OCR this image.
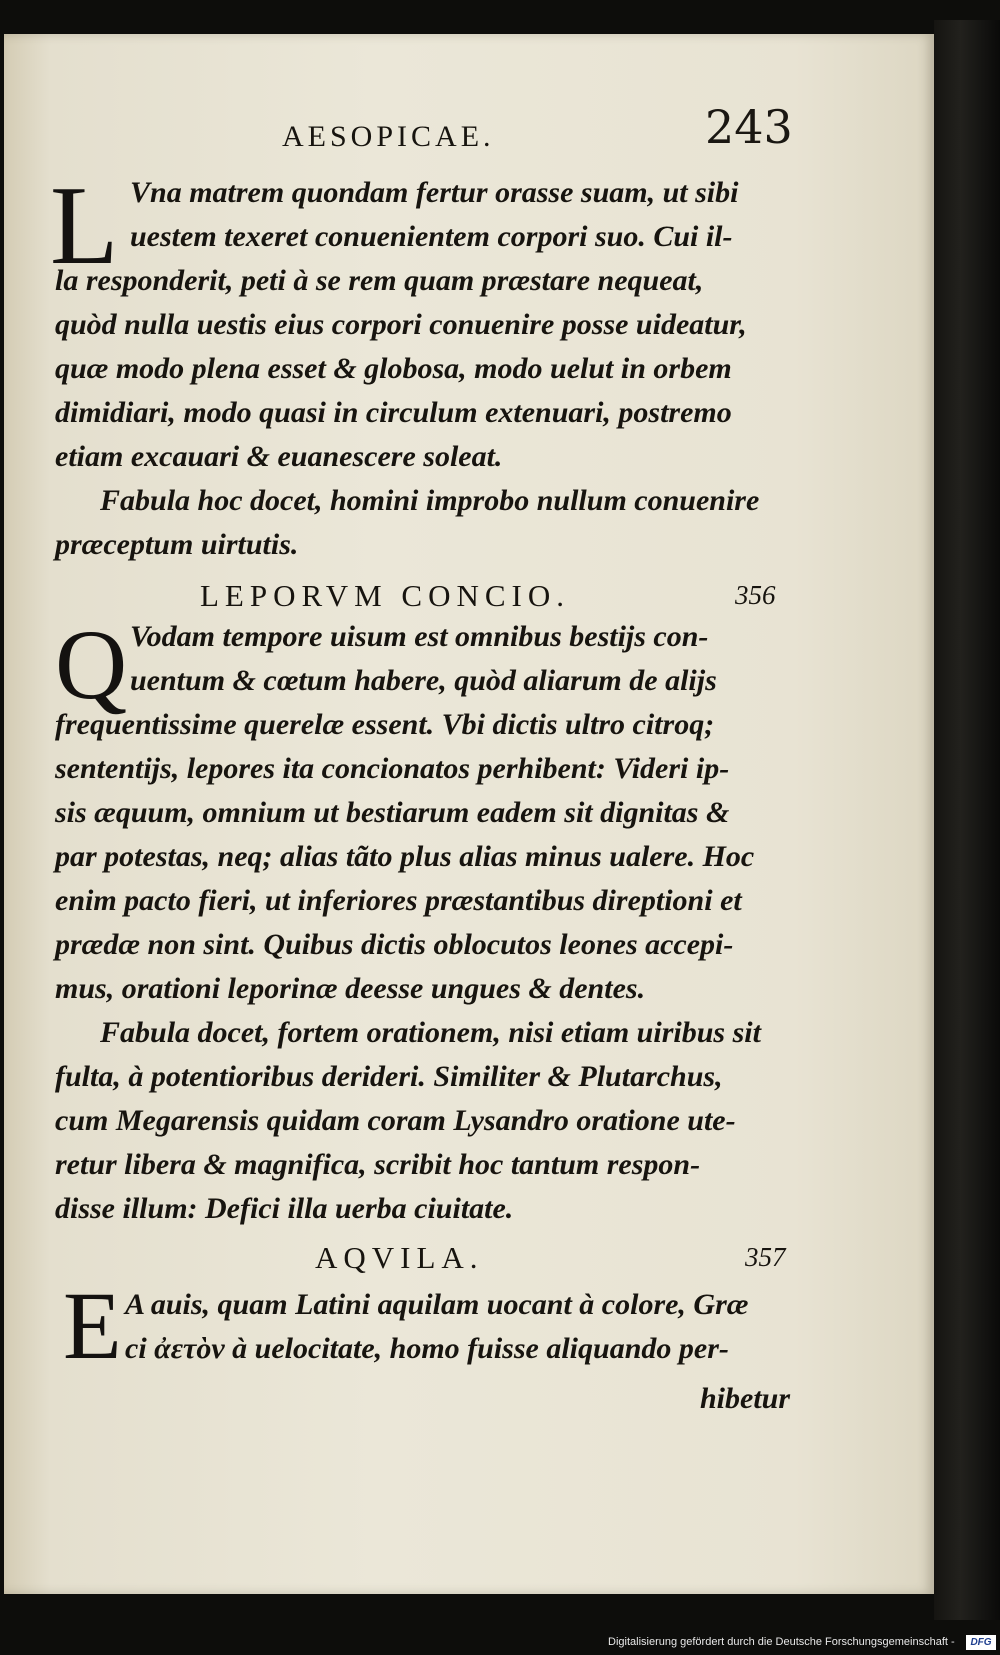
AESOPICAE.	243
L Vna matrem quondam fertur orasse suam, ut sibi
uestem texeret conuenientem corpori suo. Cui il-
la responderit, peti à se rem quam præstare nequeat,
quòd nulla uestis eius corpori conuenire posse uideatur,
quæ modo plena esset & globosa, modo uelut in orbem
dimidiari, modo quasi in circulum extenuari, postremo
etiam excauari & euanescere soleat.
Fabula hoc docet, homini improbo nullum conuenire
præceptum uirtutis.
LEPORVM CONCIO.	356
Q Vodam tempore uisum est omnibus bestijs con-
uentum & cœtum habere, quòd aliarum de alijs
frequentissime querelæ essent. Vbi dictis ultro citroq;
sententijs, lepores ita concionatos perhibent: Videri ip-
sis æquum, omnium ut bestiarum eadem sit dignitas &
par potestas, neq; alias tãto plus alias minus ualere. Hoc
enim pacto fieri, ut inferiores præstantibus direptioni et
prædæ non sint. Quibus dictis oblocutos leones accepi-
mus, orationi leporinæ deesse ungues & dentes.
Fabula docet, fortem orationem, nisi etiam uiribus sit
fulta, à potentioribus derideri. Similiter & Plutarchus,
cum Megarensis quidam coram Lysandro oratione ute-
retur libera & magnifica, scribit hoc tantum respon-
disse illum: Defici illa uerba ciuitate.
AQVILA.	357
E A auis, quam Latini aquilam uocant à colore, Græ
ci ἀετὸν à uelocitate, homo fuisse aliquando per-
hibetur
Digitalisierung gefördert durch die Deutsche Forschungsgemeinschaft -	DFG
